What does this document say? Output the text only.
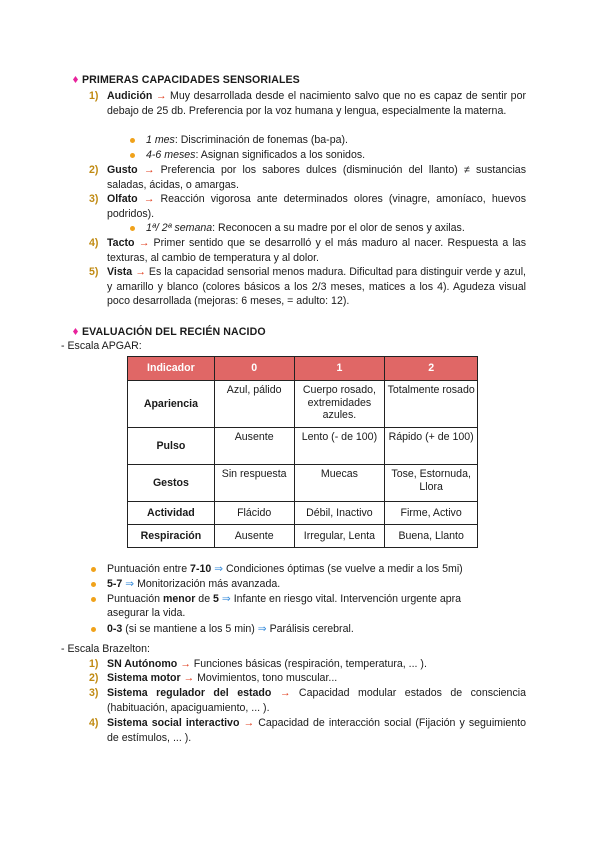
PRIMERAS CAPACIDADES SENSORIALES
1) Audición → Muy desarrollada desde el nacimiento salvo que no es capaz de sentir por debajo de 25 db. Preferencia por la voz humana y lengua, especialmente la materna.
1 mes: Discriminación de fonemas (ba-pa).
4-6 meses: Asignan significados a los sonidos.
2) Gusto → Preferencia por los sabores dulces (disminución del llanto) ≠ sustancias saladas, ácidas, o amargas.
3) Olfato → Reacción vigorosa ante determinados olores (vinagre, amoníaco, huevos podridos).
1ª/ 2ª semana: Reconocen a su madre por el olor de senos y axilas.
4) Tacto → Primer sentido que se desarrolló y el más maduro al nacer. Respuesta a las texturas, al cambio de temperatura y al dolor.
5) Vista → Es la capacidad sensorial menos madura. Dificultad para distinguir verde y azul, y amarillo y blanco (colores básicos a los 2/3 meses, matices a los 4). Agudeza visual poco desarrollada (mejoras: 6 meses, = adulto: 12).
EVALUACIÓN DEL RECIÉN NACIDO
- Escala APGAR:
Indicador	0	1	2
Apariencia	Azul, pálido	Cuerpo rosado, extremidades azules.	Totalmente rosado
Pulso	Ausente	Lento (- de 100)	Rápido (+ de 100)
Gestos	Sin respuesta	Muecas	Tose, Estornuda, Llora
Actividad	Flácido	Débil, Inactivo	Firme, Activo
Respiración	Ausente	Irregular, Lenta	Buena, Llanto
Puntuación entre 7-10 ⇒ Condiciones óptimas (se vuelve a medir a los 5mi)
5-7 ⇒ Monitorización más avanzada.
Puntuación menor de 5 ⇒ Infante en riesgo vital. Intervención urgente apra
asegurar la vida.
0-3 (si se mantiene a los 5 min) ⇒ Parálisis cerebral.
- Escala Brazelton:
1) SN Autónomo → Funciones básicas (respiración, temperatura, ... ).
2) Sistema motor → Movimientos, tono muscular...
3) Sistema regulador del estado → Capacidad modular estados de consciencia (habituación, apaciguamiento, ... ).
4) Sistema social interactivo → Capacidad de interacción social (Fijación y seguimiento de estímulos, ... ).
